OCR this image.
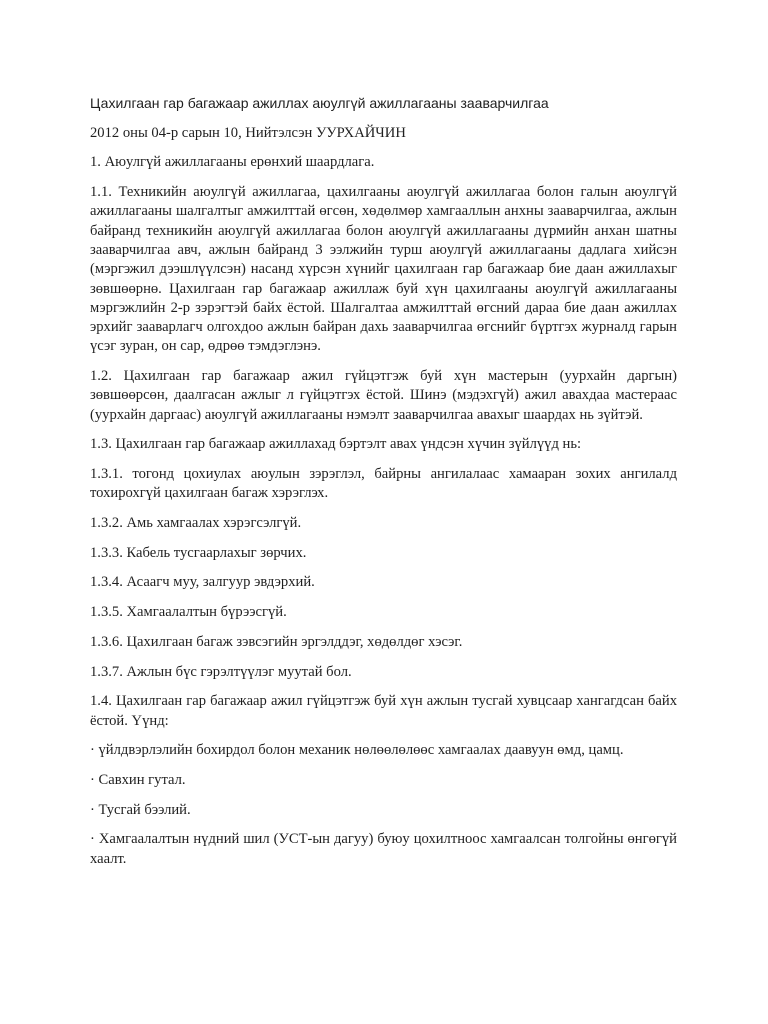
Цахилгаан гар багажаар ажиллах аюулгүй ажиллагааны зааварчилгаа

2012 оны 04-р сарын 10, Нийтэлсэн УУРХАЙЧИН

1. Аюулгүй ажиллагааны ерөнхий шаардлага.

1.1. Техникийн аюулгүй ажиллагаа, цахилгааны аюулгүй ажиллагаа болон галын аюулгүй ажиллагааны шалгалтыг амжилттай өгсөн, хөдөлмөр хамгааллын анхны зааварчилгаа, ажлын байранд техникийн аюулгүй ажиллагаа болон аюулгүй ажиллагааны дүрмийн анхан шатны зааварчилгаа авч, ажлын байранд 3 ээлжийн турш аюулгүй ажиллагааны дадлага хийсэн (мэргэжил дээшлүүлсэн) насанд хүрсэн хүнийг цахилгаан гар багажаар бие даан ажиллахыг зөвшөөрнө. Цахилгаан гар багажаар ажиллаж буй хүн цахилгааны аюулгүй ажиллагааны мэргэжлийн 2-р зэрэгтэй байх ёстой. Шалгалтаа амжилттай өгсний дараа бие даан ажиллах эрхийг зааварлагч олгохдоо ажлын байран дахь зааварчилгаа өгснийг бүртгэх журналд гарын үсэг зуран, он сар, өдрөө тэмдэглэнэ.

1.2. Цахилгаан гар багажаар ажил гүйцэтгэж буй хүн мастерын (уурхайн даргын) зөвшөөрсөн, даалгасан ажлыг л гүйцэтгэх ёстой. Шинэ (мэдэхгүй) ажил авахдаа мастераас (уурхайн даргаас) аюулгүй ажиллагааны нэмэлт зааварчилгаа авахыг шаардах нь зүйтэй.

1.3. Цахилгаан гар багажаар ажиллахад бэртэлт авах үндсэн хүчин зүйлүүд нь:

1.3.1. тогонд цохиулах аюулын зэрэглэл, байрны ангилалаас хамааран зохих ангилалд тохирохгүй цахилгаан багаж хэрэглэх.

1.3.2. Амь хамгаалах хэрэгсэлгүй.

1.3.3. Кабель тусгаарлахыг зөрчих.

1.3.4. Асаагч муу, залгуур эвдэрхий.

1.3.5. Хамгаалалтын бүрээсгүй.

1.3.6. Цахилгаан багаж зэвсэгийн эргэлддэг, хөдөлдөг хэсэг.

1.3.7. Ажлын бүс гэрэлтүүлэг муутай бол.

1.4. Цахилгаан гар багажаар ажил гүйцэтгэж буй хүн ажлын тусгай хувцсаар хангагдсан байх ёстой. Үүнд:

· үйлдвэрлэлийн бохирдол болон механик нөлөөлөлөөс хамгаалах даавуун өмд, цамц.

· Савхин гутал.

· Тусгай бээлий.

· Хамгаалалтын нүдний шил (УСТ-ын дагуу) буюу цохилтноос хамгаалсан толгойны өнгөгүй хаалт.
